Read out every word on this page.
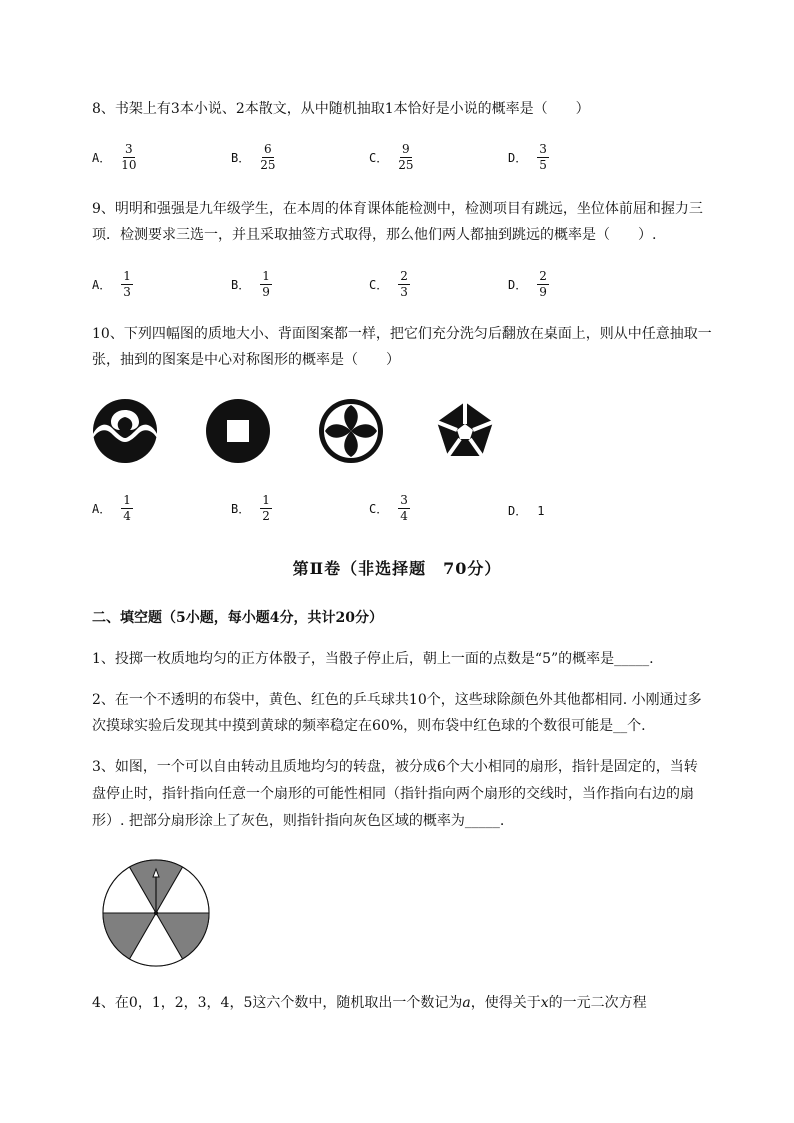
8、书架上有3本小说、2本散文，从中随机抽取1本恰好是小说的概率是（　　）
A． $\frac{3}{10}$	B． $\frac{6}{25}$	C． $\frac{9}{25}$	D． $\frac{3}{5}$
9、明明和强强是九年级学生，在本周的体育课体能检测中，检测项目有跳远，坐位体前屈和握力三
项．检测要求三选一，并且采取抽签方式取得，那么他们两人都抽到跳远的概率是（　　）.
A． $\frac{1}{3}$	B． $\frac{1}{9}$	C． $\frac{2}{3}$	D． $\frac{2}{9}$
10、下列四幅图的质地大小、背面图案都一样，把它们充分洗匀后翻放在桌面上，则从中任意抽取一
张，抽到的图案是中心对称图形的概率是（　　）
A． $\frac{1}{4}$	B． $\frac{1}{2}$	C． $\frac{3}{4}$	D． 1
第Ⅱ卷（非选择题　70分）
二、填空题（5小题，每小题4分，共计20分）
1、投掷一枚质地均匀的正方体骰子，当骰子停止后，朝上一面的点数是“5”的概率是_____.
2、在一个不透明的布袋中，黄色、红色的乒乓球共10个，这些球除颜色外其他都相同. 小刚通过多
次摸球实验后发现其中摸到黄球的频率稳定在60%，则布袋中红色球的个数很可能是__个.
3、如图，一个可以自由转动且质地均匀的转盘，被分成6个大小相同的扇形，指针是固定的，当转
盘停止时，指针指向任意一个扇形的可能性相同（指针指向两个扇形的交线时，当作指向右边的扇
形）. 把部分扇形涂上了灰色，则指针指向灰色区域的概率为_____.
4、在0，1，2，3，4，5这六个数中，随机取出一个数记为a，使得关于x的一元二次方程
